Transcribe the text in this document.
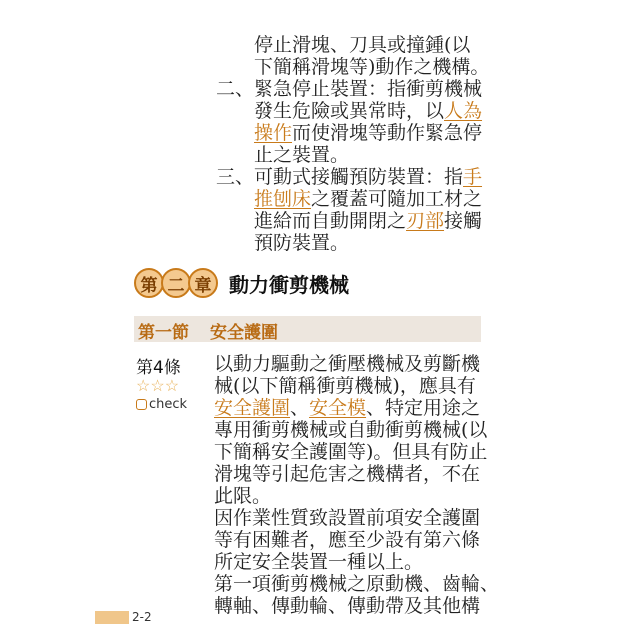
停止滑塊、刀具或撞鍾(以
下簡稱滑塊等)動作之機構。
二、 緊急停止裝置：指衝剪機械
發生危險或異常時，以人為
操作而使滑塊等動作緊急停
止之裝置。
三、 可動式接觸預防裝置：指手
推刨床之覆蓋可隨加工材之
進給而自動開閉之刃部接觸
預防裝置。
第 二 章 動力衝剪機械
第一節 安全護圍
第4條
☆☆☆
check
以動力驅動之衝壓機械及剪斷機
械(以下簡稱衝剪機械)，應具有
安全護圍、安全模、特定用途之
專用衝剪機械或自動衝剪機械(以
下簡稱安全護圍等)。但具有防止
滑塊等引起危害之機構者，不在
此限。
因作業性質致設置前項安全護圍
等有困難者，應至少設有第六條
所定安全裝置一種以上。
第一項衝剪機械之原動機、齒輪、
轉軸、傳動輪、傳動帶及其他構
2-2
